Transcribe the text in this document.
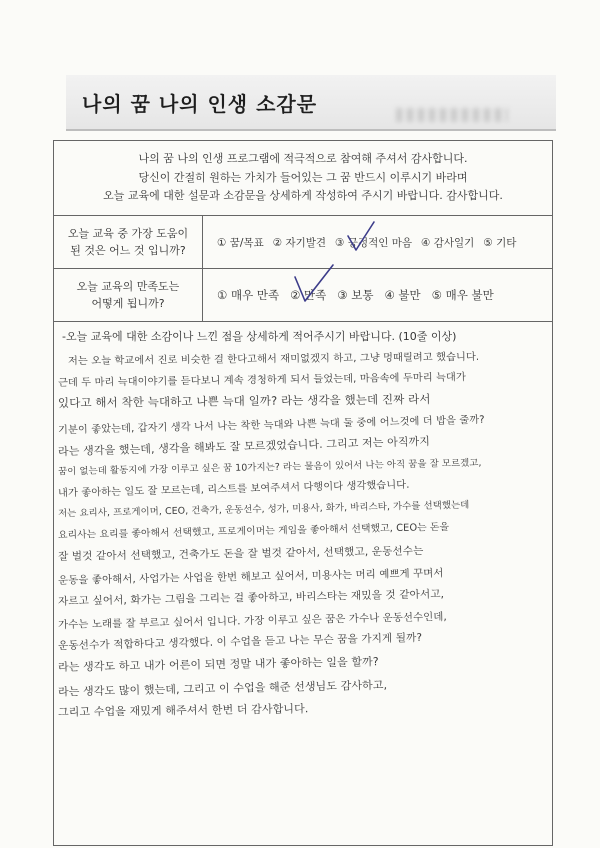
나의 꿈 나의 인생 소감문
나의 꿈 나의 인생 프로그램에 적극적으로 참여해 주셔서 감사합니다.
당신이 간절히 원하는 가치가 들어있는 그 꿈 반드시 이루시기 바라며
오늘 교육에 대한 설문과 소감문을 상세하게 작성하여 주시기 바랍니다. 감사합니다.
오늘 교육 중 가장 도움이
된 것은 어느 것 입니까?
① 꿈/목표 ② 자기발견 ③ 긍정적인 마음 ④ 감사일기 ⑤ 기타
오늘 교육의 만족도는
어떻게 됩니까?
① 매우 만족 ② 만족 ③ 보통 ④ 불만 ⑤ 매우 불만
-오늘 교육에 대한 소감이나 느낀 점을 상세하게 적어주시기 바랍니다. (10줄 이상)
저는 오늘 학교에서 진로 비슷한 걸 한다고해서 재미없겠지 하고, 그냥 멍때릴려고 했습니다.
근데 두 마리 늑대이야기를 듣다보니 계속 경청하게 되서 들었는데, 마음속에 두마리 늑대가
있다고 해서 착한 늑대하고 나쁜 늑대 일까? 라는 생각을 했는데 진짜 라서
기분이 좋았는데, 갑자기 생각 나서 나는 착한 늑대와 나쁜 늑대 둘 중에 어느것에 더 밥을 줄까?
라는 생각을 했는데, 생각을 해봐도 잘 모르겠었습니다. 그리고 저는 아직까지
꿈이 없는데 활동지에 가장 이루고 싶은 꿈 10가지는? 라는 물음이 있어서 나는 아직 꿈을 잘 모르겠고,
내가 좋아하는 일도 잘 모르는데, 리스트를 보여주셔서 다행이다 생각했습니다.
저는 요리사, 프로게이머, CEO, 건축가, 운동선수, 성가, 미용사, 화가, 바리스타, 가수를 선택했는데
요리사는 요리를 좋아해서 선택했고, 프로게이머는 게임을 좋아해서 선택했고, CEO는 돈을
잘 벌것 같아서 선택했고, 건축가도 돈을 잘 벌것 같아서, 선택했고, 운동선수는
운동을 좋아해서, 사업가는 사업을 한번 해보고 싶어서, 미용사는 머리 예쁘게 꾸며서
자르고 싶어서, 화가는 그림을 그리는 걸 좋아하고, 바리스타는 재밌을 것 같아서고,
가수는 노래를 잘 부르고 싶어서 입니다. 가장 이루고 싶은 꿈은 가수나 운동선수인데,
운동선수가 적합하다고 생각했다. 이 수업을 듣고 나는 무슨 꿈을 가지게 될까?
라는 생각도 하고 내가 어른이 되면 정말 내가 좋아하는 일을 할까?
라는 생각도 많이 했는데, 그리고 이 수업을 해준 선생님도 감사하고,
그리고 수업을 재밌게 해주셔서 한번 더 감사합니다.
